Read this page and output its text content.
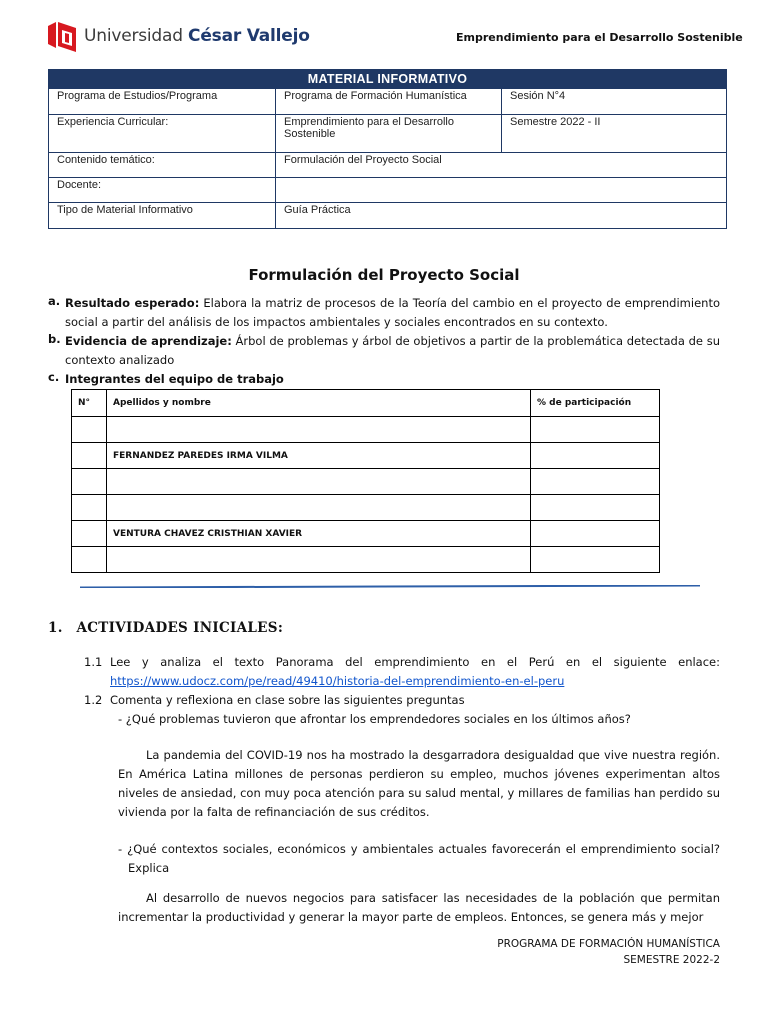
Universidad César Vallejo	Emprendimiento para el Desarrollo Sostenible
MATERIAL INFORMATIVO		
Programa de Estudios/Programa	Programa de Formación Humanística	Sesión N°4
Experiencia Curricular:	Emprendimiento para el Desarrollo Sostenible	Semestre 2022 - II
Contenido temático:	Formulación del Proyecto Social	
Docente:		
Tipo de Material Informativo	Guía Práctica	
Formulación del Proyecto Social
a. Resultado esperado: Elabora la matriz de procesos de la Teoría del cambio en el proyecto de emprendimiento social a partir del análisis de los impactos ambientales y sociales encontrados en su contexto.
b. Evidencia de aprendizaje: Árbol de problemas y árbol de objetivos a partir de la problemática detectada de su contexto analizado
c. Integrantes del equipo de trabajo
N°	Apellidos y nombre	% de participación

	FERNANDEZ PAREDES IRMA VILMA	

	VENTURA CHAVEZ CRISTHIAN XAVIER	

1. ACTIVIDADES INICIALES:
1.1 Lee y analiza el texto Panorama del emprendimiento en el Perú en el siguiente enlace: https://www.udocz.com/pe/read/49410/historia-del-emprendimiento-en-el-peru
1.2 Comenta y reflexiona en clase sobre las siguientes preguntas
- ¿Qué problemas tuvieron que afrontar los emprendedores sociales en los últimos años?
La pandemia del COVID-19 nos ha mostrado la desgarradora desigualdad que vive nuestra región. En América Latina millones de personas perdieron su empleo, muchos jóvenes experimentan altos niveles de ansiedad, con muy poca atención para su salud mental, y millares de familias han perdido su vivienda por la falta de refinanciación de sus créditos.
- ¿Qué contextos sociales, económicos y ambientales actuales favorecerán el emprendimiento social? Explica
Al desarrollo de nuevos negocios para satisfacer las necesidades de la población que permitan incrementar la productividad y generar la mayor parte de empleos. Entonces, se genera más y mejor
PROGRAMA DE FORMACIÓN HUMANÍSTICA
SEMESTRE 2022-2
